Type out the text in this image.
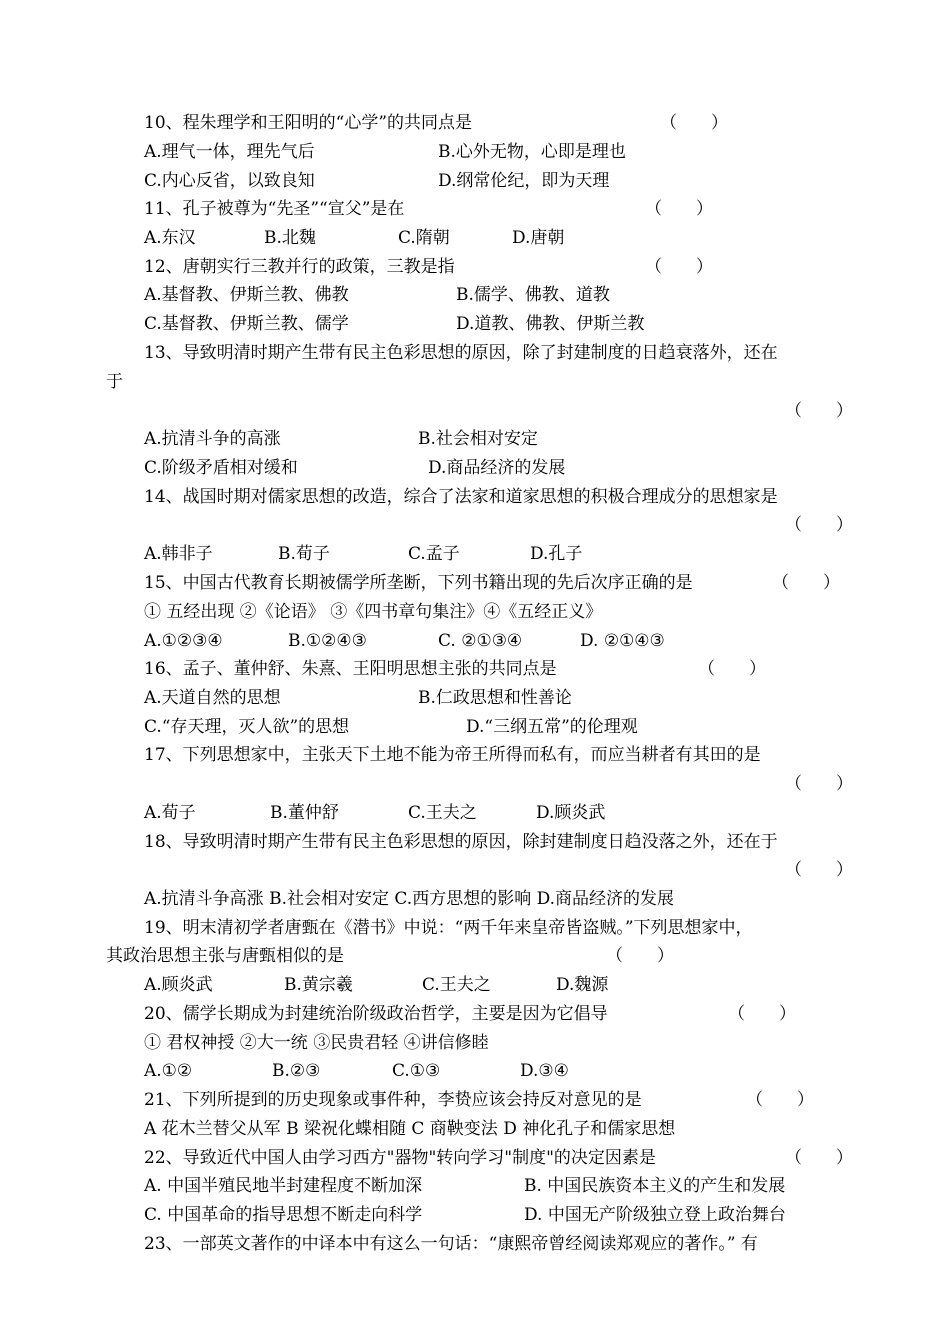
10、程朱理学和王阳明的“心学”的共同点是	（　　）
A.理气一体，理先气后	B.心外无物，心即是理也
C.内心反省，以致良知	D.纲常伦纪，即为天理
11、孔子被尊为“先圣”“宣父”是在	（　　）
A.东汉	B.北魏	C.隋朝	D.唐朝
12、唐朝实行三教并行的政策，三教是指	（　　）
A.基督教、伊斯兰教、佛教	B.儒学、佛教、道教
C.基督教、伊斯兰教、儒学	D.道教、佛教、伊斯兰教
13、导致明清时期产生带有民主色彩思想的原因，除了封建制度的日趋衰落外，还在
于
（　　）
A.抗清斗争的高涨	B.社会相对安定
C.阶级矛盾相对缓和	D.商品经济的发展
14、战国时期对儒家思想的改造，综合了法家和道家思想的积极合理成分的思想家是
（　　）
A.韩非子	B.荀子	C.孟子	D.孔子
15、中国古代教育长期被儒学所垄断，下列书籍出现的先后次序正确的是	（　　）
① 五经出现 ②《论语》 ③《四书章句集注》④《五经正义》
A.①②③④	B.①②④③	C. ②①③④	D. ②①④③
16、孟子、董仲舒、朱熹、王阳明思想主张的共同点是	（　　）
A.天道自然的思想	B.仁政思想和性善论
C.“存天理，灭人欲”的思想	D.“三纲五常”的伦理观
17、下列思想家中，主张天下土地不能为帝王所得而私有，而应当耕者有其田的是
（　　）
A.荀子	B.董仲舒	C.王夫之	D.顾炎武
18、导致明清时期产生带有民主色彩思想的原因，除封建制度日趋没落之外，还在于
（　　）
A.抗清斗争高涨 B.社会相对安定 C.西方思想的影响 D.商品经济的发展
19、明末清初学者唐甄在《潜书》中说：“两千年来皇帝皆盗贼。”下列思想家中，
其政治思想主张与唐甄相似的是	（　　）
A.顾炎武	B.黄宗羲	C.王夫之	D.魏源
20、儒学长期成为封建统治阶级政治哲学，主要是因为它倡导	（　　）
① 君权神授 ②大一统 ③民贵君轻 ④讲信修睦
A.①②	B.②③	C.①③	D.③④
21、下列所提到的历史现象或事件种，李贽应该会持反对意见的是	（　　）
A 花木兰替父从军 B 梁祝化蝶相随 C 商鞅变法 D 神化孔子和儒家思想
22、导致近代中国人由学习西方"器物"转向学习"制度"的决定因素是	（　　）
A. 中国半殖民地半封建程度不断加深	B. 中国民族资本主义的产生和发展
C. 中国革命的指导思想不断走向科学	D. 中国无产阶级独立登上政治舞台
23、一部英文著作的中译本中有这么一句话：“康熙帝曾经阅读郑观应的著作。” 有
